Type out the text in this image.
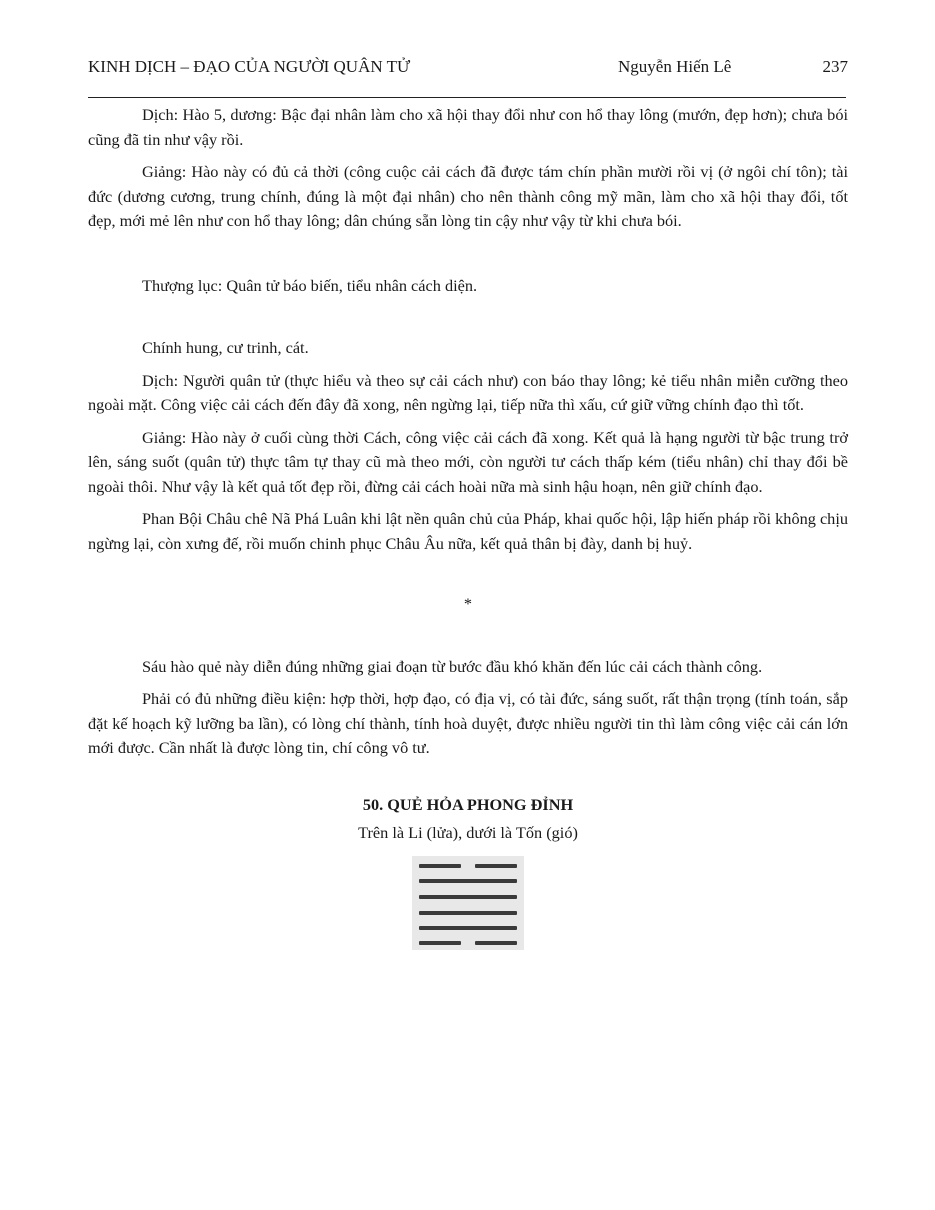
KINH DỊCH – ĐẠO CỦA NGƯỜI QUÂN TỬ	Nguyễn Hiến Lê	237

Dịch: Hào 5, dương: Bậc đại nhân làm cho xã hội thay đổi như con hổ thay lông (mướn, đẹp hơn); chưa bói cũng đã tin như vậy rồi.

Giảng: Hào này có đủ cả thời (công cuộc cải cách đã được tám chín phần mười rồi vị (ở ngôi chí tôn); tài đức (dương cương, trung chính, đúng là một đại nhân) cho nên thành công mỹ mãn, làm cho xã hội thay đổi, tốt đẹp, mới mẻ lên như con hổ thay lông; dân chúng sẵn lòng tin cậy như vậy từ khi chưa bói.

Thượng lục: Quân tử báo biến, tiểu nhân cách diện.

Chính hung, cư trinh, cát.

Dịch: Người quân tử (thực hiểu và theo sự cải cách như) con báo thay lông; kẻ tiểu nhân miễn cưỡng theo ngoài mặt. Công việc cải cách đến đây đã xong, nên ngừng lại, tiếp nữa thì xấu, cứ giữ vững chính đạo thì tốt.

Giảng: Hào này ở cuối cùng thời Cách, công việc cải cách đã xong. Kết quả là hạng người từ bậc trung trở lên, sáng suốt (quân tử) thực tâm tự thay cũ mà theo mới, còn người tư cách thấp kém (tiểu nhân) chỉ thay đổi bề ngoài thôi. Như vậy là kết quả tốt đẹp rồi, đừng cải cách hoài nữa mà sinh hậu hoạn, nên giữ chính đạo.

Phan Bội Châu chê Nã Phá Luân khi lật nền quân chủ của Pháp, khai quốc hội, lập hiến pháp rồi không chịu ngừng lại, còn xưng đế, rồi muốn chinh phục Châu Âu nữa, kết quả thân bị đày, danh bị huỷ.

*

Sáu hào quẻ này diễn đúng những giai đoạn từ bước đầu khó khăn đến lúc cải cách thành công.

Phải có đủ những điều kiện: hợp thời, hợp đạo, có địa vị, có tài đức, sáng suốt, rất thận trọng (tính toán, sắp đặt kế hoạch kỹ lưỡng ba lần), có lòng chí thành, tính hoà duyệt, được nhiều người tin thì làm công việc cải cán lớn mới được. Cần nhất là được lòng tin, chí công vô tư.

50. QUẺ HỎA PHONG ĐỈNH

Trên là Li (lửa), dưới là Tốn (gió)
